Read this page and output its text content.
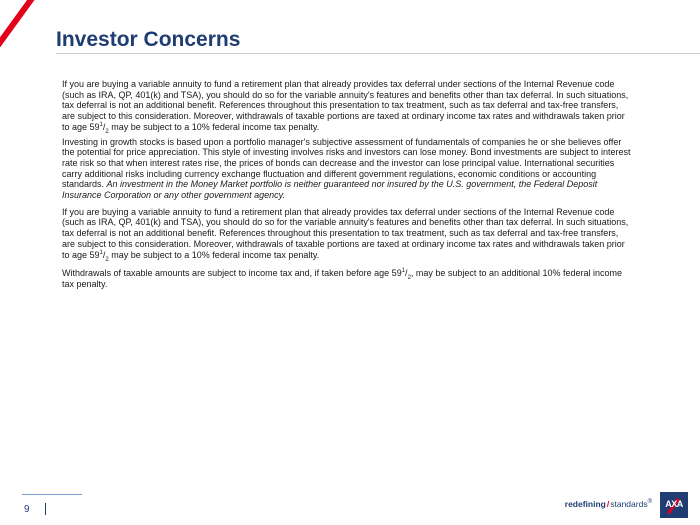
Investor Concerns

If you are buying a variable annuity to fund a retirement plan that already provides tax deferral under sections of the Internal Revenue code (such as IRA, QP, 401(k) and TSA), you should do so for the variable annuity's features and benefits other than tax deferral. In such situations, tax deferral is not an additional benefit. References throughout this presentation to tax treatment, such as tax deferral and tax-free transfers, are subject to this consideration. Moreover, withdrawals of taxable portions are taxed at ordinary income tax rates and withdrawals taken prior to age $59^1/_2$ may be subject to a 10% federal income tax penalty.

Investing in growth stocks is based upon a portfolio manager's subjective assessment of fundamentals of companies he or she believes offer the potential for price appreciation. This style of investing involves risks and investors can lose money. Bond investments are subject to interest rate risk so that when interest rates rise, the prices of bonds can decrease and the investor can lose principal value. International securities carry additional risks including currency exchange fluctuation and different government regulations, economic conditions or accounting standards. An investment in the Money Market portfolio is neither guaranteed nor insured by the U.S. government, the Federal Deposit Insurance Corporation or any other government agency.

If you are buying a variable annuity to fund a retirement plan that already provides tax deferral under sections of the Internal Revenue code (such as IRA, QP, 401(k) and TSA), you should do so for the variable annuity's features and benefits other than tax deferral. In such situations, tax deferral is not an additional benefit. References throughout this presentation to tax treatment, such as tax deferral and tax-free transfers, are subject to this consideration. Moreover, withdrawals of taxable portions are taxed at ordinary income tax rates and withdrawals taken prior to age $59^1/_2$ may be subject to a 10% federal income tax penalty.

Withdrawals of taxable amounts are subject to income tax and, if taken before age $59^1/_2$, may be subject to an additional 10% federal income tax penalty.

9	redefining/standards®	AXA
